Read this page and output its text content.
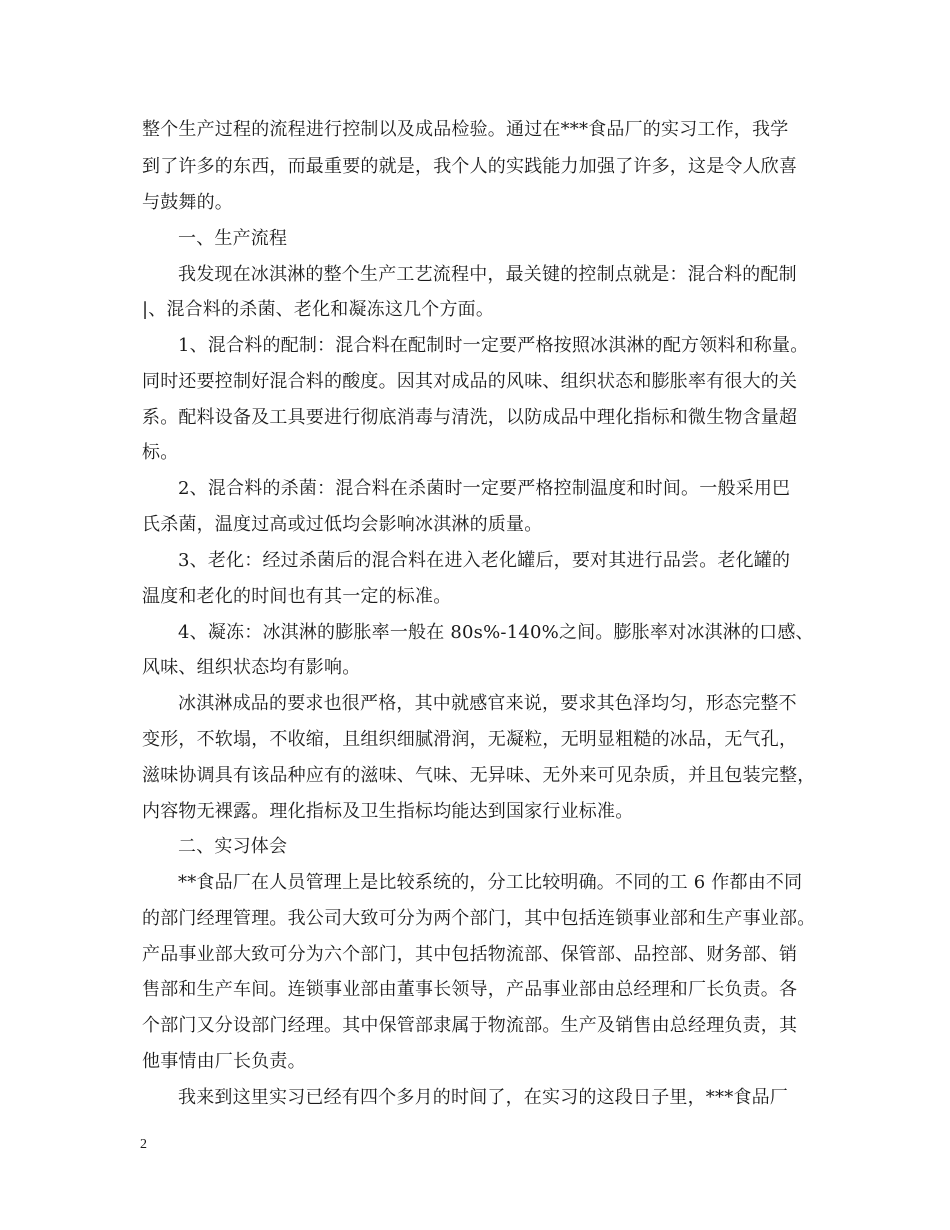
整个生产过程的流程进行控制以及成品检验。通过在***食品厂的实习工作，我学
到了许多的东西，而最重要的就是，我个人的实践能力加强了许多，这是令人欣喜
与鼓舞的。
一、生产流程
我发现在冰淇淋的整个生产工艺流程中，最关键的控制点就是：混合料的配制
|、混合料的杀菌、老化和凝冻这几个方面。
1、混合料的配制：混合料在配制时一定要严格按照冰淇淋的配方领料和称量。
同时还要控制好混合料的酸度。因其对成品的风味、组织状态和膨胀率有很大的关
系。配料设备及工具要进行彻底消毒与清洗，以防成品中理化指标和微生物含量超
标。
2、混合料的杀菌：混合料在杀菌时一定要严格控制温度和时间。一般采用巴
氏杀菌，温度过高或过低均会影响冰淇淋的质量。
3、老化：经过杀菌后的混合料在进入老化罐后，要对其进行品尝。老化罐的
温度和老化的时间也有其一定的标准。
4、凝冻：冰淇淋的膨胀率一般在 80s%-140%之间。膨胀率对冰淇淋的口感、
风味、组织状态均有影响。
冰淇淋成品的要求也很严格，其中就感官来说，要求其色泽均匀，形态完整不
变形，不软塌，不收缩，且组织细腻滑润，无凝粒，无明显粗糙的冰品，无气孔，
滋味协调具有该品种应有的滋味、气味、无异味、无外来可见杂质，并且包装完整，
内容物无裸露。理化指标及卫生指标均能达到国家行业标准。
二、实习体会
**食品厂在人员管理上是比较系统的，分工比较明确。不同的工 6 作都由不同
的部门经理管理。我公司大致可分为两个部门，其中包括连锁事业部和生产事业部。
产品事业部大致可分为六个部门，其中包括物流部、保管部、品控部、财务部、销
售部和生产车间。连锁事业部由董事长领导，产品事业部由总经理和厂长负责。各
个部门又分设部门经理。其中保管部隶属于物流部。生产及销售由总经理负责，其
他事情由厂长负责。
我来到这里实习已经有四个多月的时间了，在实习的这段日子里，***食品厂
2
